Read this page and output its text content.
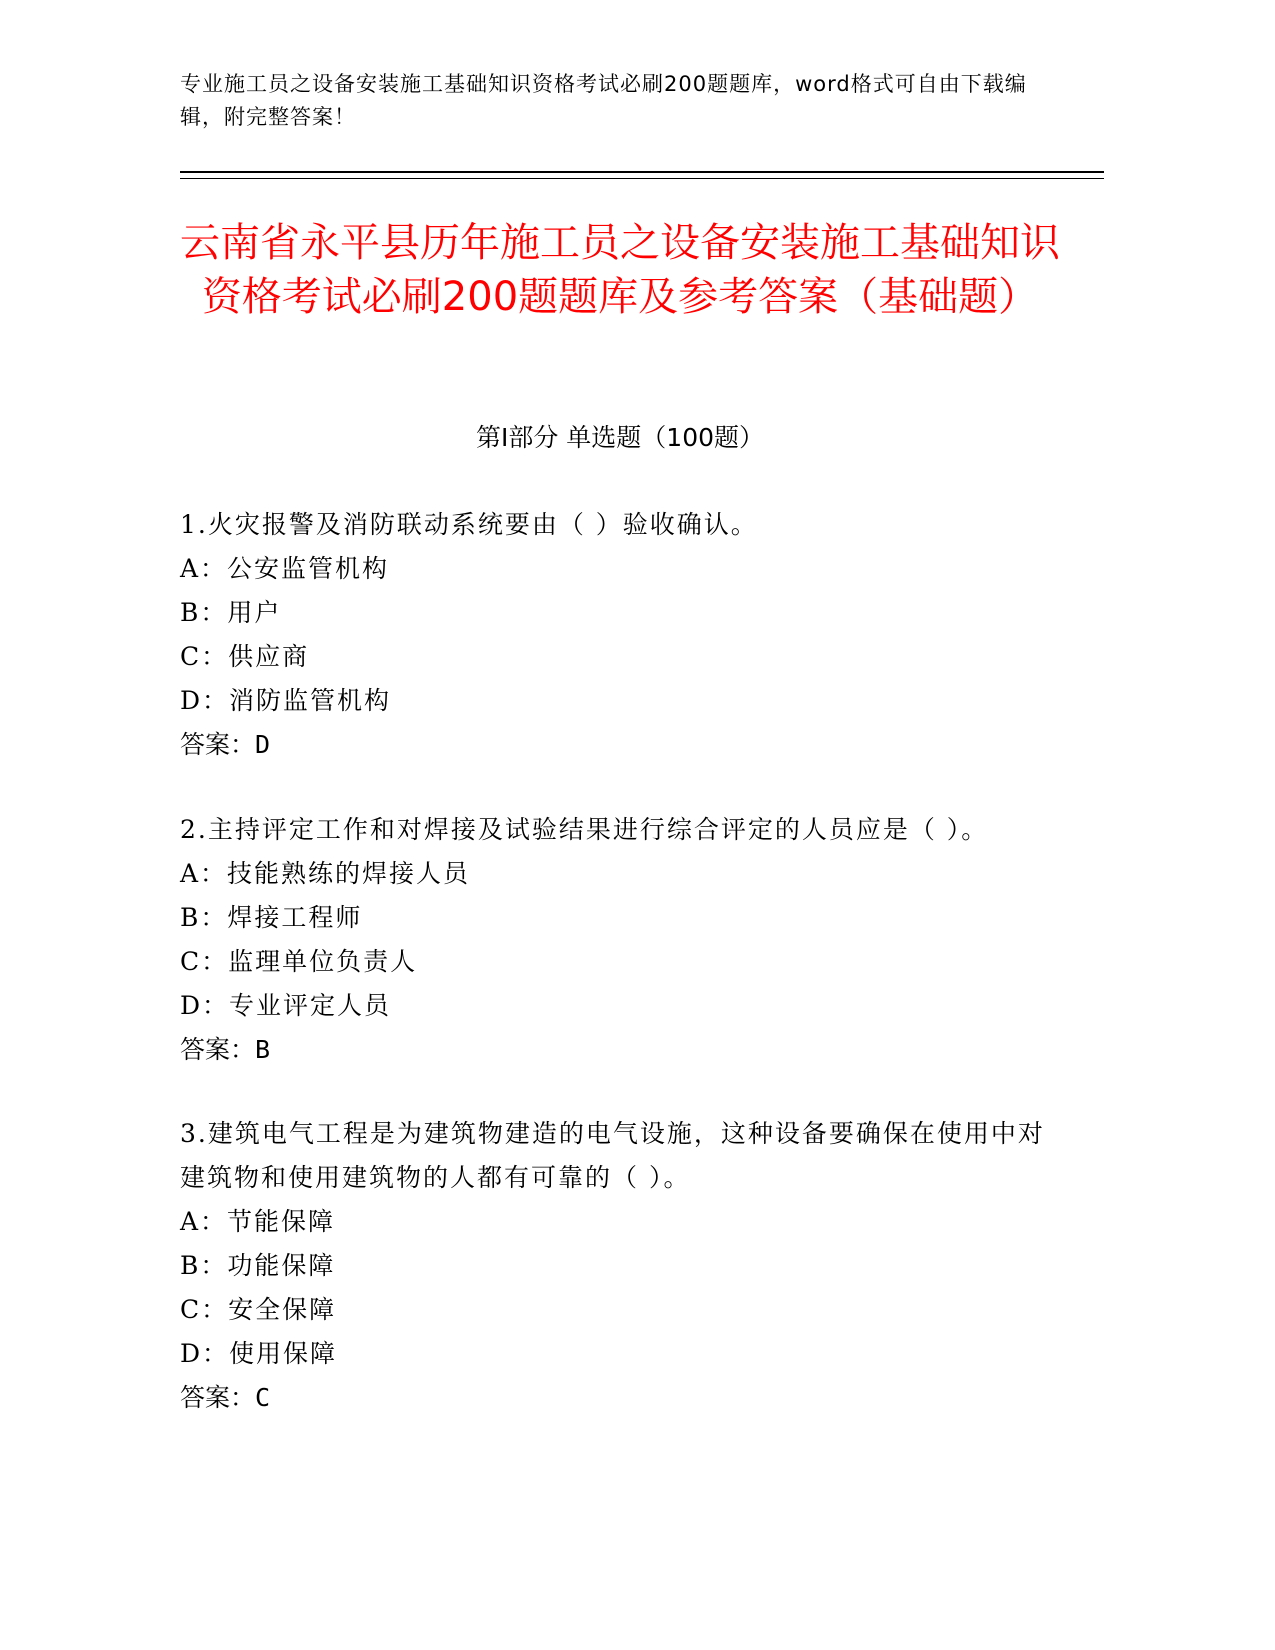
专业施工员之设备安装施工基础知识资格考试必刷200题题库，word格式可自由下载编辑，附完整答案！
云南省永平县历年施工员之设备安装施工基础知识资格考试必刷200题题库及参考答案（基础题）
第Ⅰ部分 单选题（100题）
1.火灾报警及消防联动系统要由（ ）验收确认。
A：公安监管机构
B：用户
C：供应商
D：消防监管机构
答案：D
2.主持评定工作和对焊接及试验结果进行综合评定的人员应是（ ）。
A：技能熟练的焊接人员
B：焊接工程师
C：监理单位负责人
D：专业评定人员
答案：B
3.建筑电气工程是为建筑物建造的电气设施，这种设备要确保在使用中对建筑物和使用建筑物的人都有可靠的（ ）。
A：节能保障
B：功能保障
C：安全保障
D：使用保障
答案：C
